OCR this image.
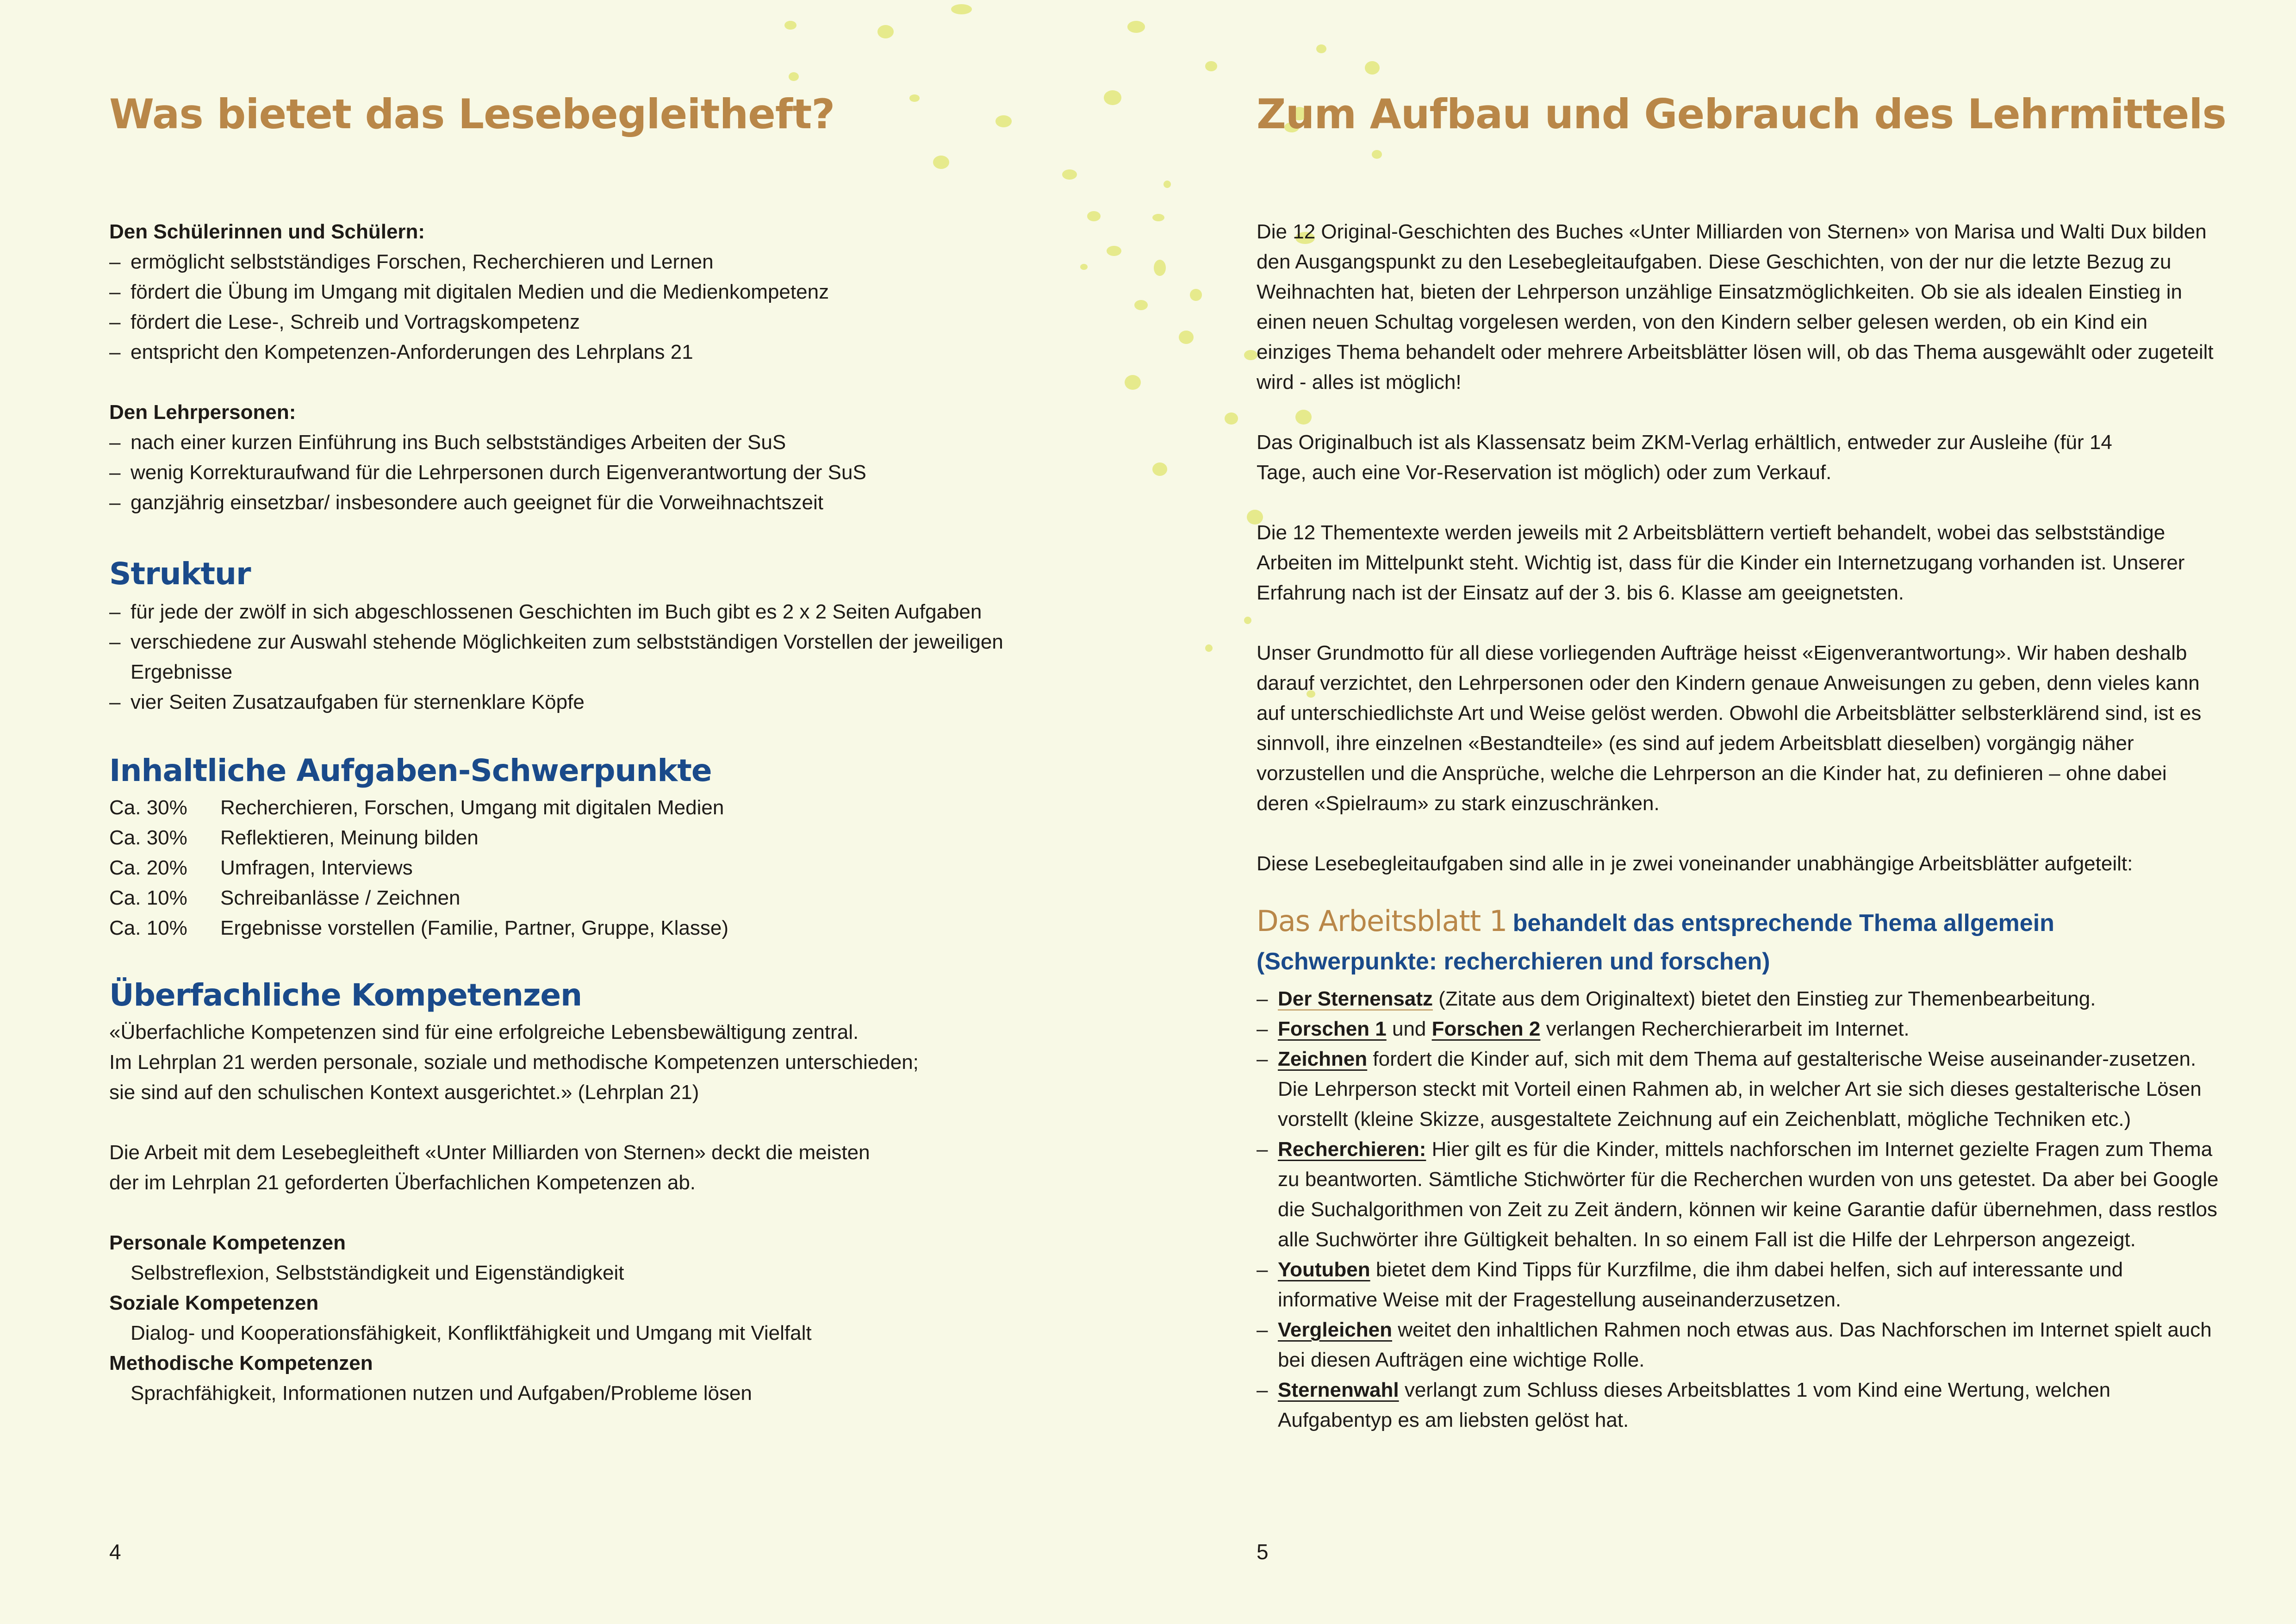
Was bietet das Lesebegleitheft?

Den Schülerinnen und Schülern:

– ermöglicht selbstständiges Forschen, Recherchieren und Lernen
– fördert die Übung im Umgang mit digitalen Medien und die Medienkompetenz
– fördert die Lese-, Schreib und Vortragskompetenz
– entspricht den Kompetenzen-Anforderungen des Lehrplans 21

Den Lehrpersonen:

– nach einer kurzen Einführung ins Buch selbstständiges Arbeiten der SuS
– wenig Korrekturaufwand für die Lehrpersonen durch Eigenverantwortung der SuS
– ganzjährig einsetzbar/ insbesondere auch geeignet für die Vorweihnachtszeit
Struktur
– für jede der zwölf in sich abgeschlossenen Geschichten im Buch gibt es 2 x 2 Seiten Aufgaben
– verschiedene zur Auswahl stehende Möglichkeiten zum selbstständigen Vorstellen der jeweiligen Ergebnisse
– vier Seiten Zusatzaufgaben für sternenklare Köpfe
Inhaltliche Aufgaben-Schwerpunkte
Ca. 30%	Recherchieren, Forschen, Umgang mit digitalen Medien
Ca. 30%	Reflektieren, Meinung bilden
Ca. 20%	Umfragen, Interviews
Ca. 10%	Schreibanlässe / Zeichnen
Ca. 10%	Ergebnisse vorstellen (Familie, Partner, Gruppe, Klasse)
Überfachliche Kompetenzen

«Überfachliche Kompetenzen sind für eine erfolgreiche Lebensbewältigung zentral.

Im Lehrplan 21 werden personale, soziale und methodische Kompetenzen unterschieden;

sie sind auf den schulischen Kontext ausgerichtet.» (Lehrplan 21)

Die Arbeit mit dem Lesebegleitheft «Unter Milliarden von Sternen» deckt die meisten

der im Lehrplan 21 geforderten Überfachlichen Kompetenzen ab.

Personale Kompetenzen

Selbstreflexion, Selbstständigkeit und Eigenständigkeit

Soziale Kompetenzen

Dialog- und Kooperationsfähigkeit, Konfliktfähigkeit und Umgang mit Vielfalt

Methodische Kompetenzen

Sprachfähigkeit, Informationen nutzen und Aufgaben/Probleme lösen

4
Zum Aufbau und Gebrauch des Lehrmittels

Die 12 Original-Geschichten des Buches «Unter Milliarden von Sternen» von Marisa und Walti Dux bilden den Ausgangspunkt zu den Lesebegleitaufgaben. Diese Geschichten, von der nur die letzte Bezug zu Weihnachten hat, bieten der Lehrperson unzählige Einsatzmöglichkeiten. Ob sie als idealen Einstieg in einen neuen Schultag vorgelesen werden, von den Kindern selber gelesen werden, ob ein Kind ein einziges Thema behandelt oder mehrere Arbeitsblätter lösen will, ob das Thema ausgewählt oder zugeteilt wird - alles ist möglich!

Das Originalbuch ist als Klassensatz beim ZKM-Verlag erhältlich, entweder zur Ausleihe (für 14 Tage, auch eine Vor-Reservation ist möglich) oder zum Verkauf.

Die 12 Thementexte werden jeweils mit 2 Arbeitsblättern vertieft behandelt, wobei das selbstständige Arbeiten im Mittelpunkt steht. Wichtig ist, dass für die Kinder ein Internetzugang vorhanden ist. Unserer Erfahrung nach ist der Einsatz auf der 3. bis 6. Klasse am geeignetsten.

Unser Grundmotto für all diese vorliegenden Aufträge heisst «Eigenverantwortung». Wir haben deshalb darauf verzichtet, den Lehrpersonen oder den Kindern genaue Anweisungen zu geben, denn vieles kann auf unterschiedlichste Art und Weise gelöst werden. Obwohl die Arbeitsblätter selbsterklärend sind, ist es sinnvoll, ihre einzelnen «Bestandteile» (es sind auf jedem Arbeitsblatt dieselben) vorgängig näher vorzustellen und die Ansprüche, welche die Lehrperson an die Kinder hat, zu definieren – ohne dabei deren «Spielraum» zu stark einzuschränken.

Diese Lesebegleitaufgaben sind alle in je zwei voneinander unabhängige Arbeitsblätter aufgeteilt:

Das Arbeitsblatt 1 behandelt das entsprechende Thema allgemein

(Schwerpunkte: recherchieren und forschen)

– Der Sternensatz (Zitate aus dem Originaltext) bietet den Einstieg zur Themenbearbeitung.
– Forschen 1 und Forschen 2 verlangen Recherchierarbeit im Internet.
– Zeichnen fordert die Kinder auf, sich mit dem Thema auf gestalterische Weise auseinander-zusetzen. Die Lehrperson steckt mit Vorteil einen Rahmen ab, in welcher Art sie sich dieses gestalterische Lösen vorstellt (kleine Skizze, ausgestaltete Zeichnung auf ein Zeichenblatt, mögliche Techniken etc.)
– Recherchieren: Hier gilt es für die Kinder, mittels nachforschen im Internet gezielte Fragen zum Thema zu beantworten. Sämtliche Stichwörter für die Recherchen wurden von uns getestet. Da aber bei Google die Suchalgorithmen von Zeit zu Zeit ändern, können wir keine Garantie dafür übernehmen, dass restlos alle Suchwörter ihre Gültigkeit behalten. In so einem Fall ist die Hilfe der Lehrperson angezeigt.
– Youtuben bietet dem Kind Tipps für Kurzfilme, die ihm dabei helfen, sich auf interessante und informative Weise mit der Fragestellung auseinanderzusetzen.
– Vergleichen weitet den inhaltlichen Rahmen noch etwas aus. Das Nachforschen im Internet spielt auch bei diesen Aufträgen eine wichtige Rolle.
– Sternenwahl verlangt zum Schluss dieses Arbeitsblattes 1 vom Kind eine Wertung, welchen Aufgabentyp es am liebsten gelöst hat.
5
